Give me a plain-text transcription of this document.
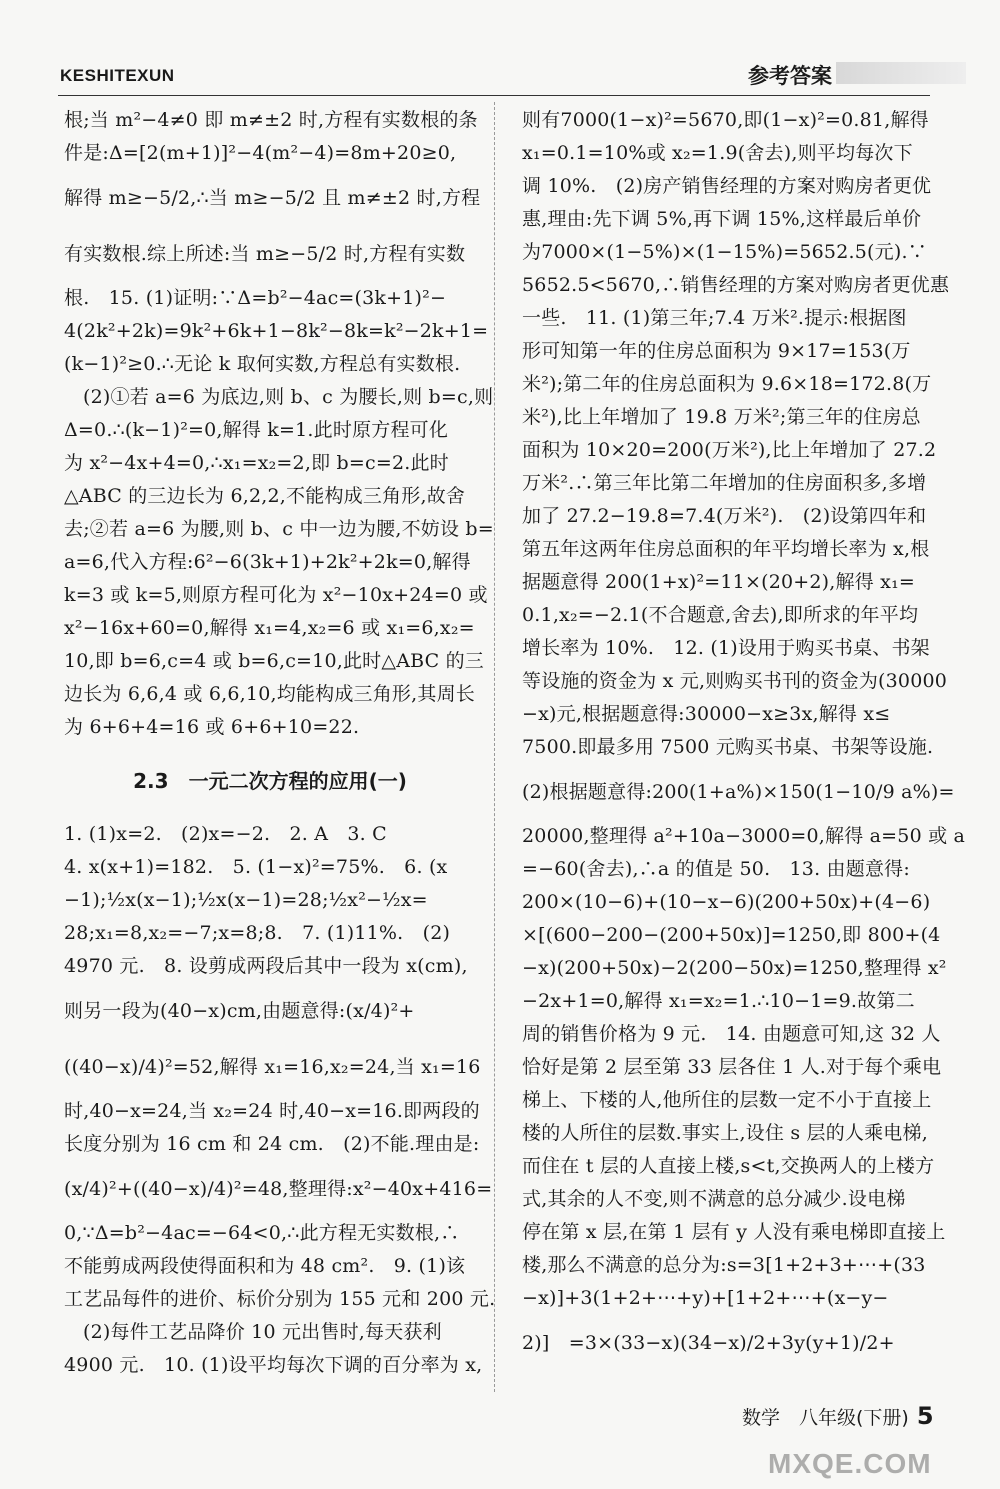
KESHITEXUN	参考答案
根;当 m²−4≠0 即 m≠±2 时,方程有实数根的条
件是:Δ=[2(m+1)]²−4(m²−4)=8m+20≥0,
解得 m≥−5/2,∴当 m≥−5/2 且 m≠±2 时,方程
有实数根.综上所述:当 m≥−5/2 时,方程有实数
根.　15. (1)证明:∵Δ=b²−4ac=(3k+1)²−
4(2k²+2k)=9k²+6k+1−8k²−8k=k²−2k+1=
(k−1)²≥0.∴无论 k 取何实数,方程总有实数根.
(2)①若 a=6 为底边,则 b、c 为腰长,则 b=c,则
Δ=0.∴(k−1)²=0,解得 k=1.此时原方程可化
为 x²−4x+4=0,∴x₁=x₂=2,即 b=c=2.此时
△ABC 的三边长为 6,2,2,不能构成三角形,故舍
去;②若 a=6 为腰,则 b、c 中一边为腰,不妨设 b=
a=6,代入方程:6²−6(3k+1)+2k²+2k=0,解得
k=3 或 k=5,则原方程可化为 x²−10x+24=0 或
x²−16x+60=0,解得 x₁=4,x₂=6 或 x₁=6,x₂=
10,即 b=6,c=4 或 b=6,c=10,此时△ABC 的三
边长为 6,6,4 或 6,6,10,均能构成三角形,其周长
为 6+6+4=16 或 6+6+10=22.
2.3　一元二次方程的应用(一)
1. (1)x=2.　(2)x=−2.　2. A　3. C
4. x(x+1)=182.　5. (1−x)²=75%.　6. (x
−1);½x(x−1);½x(x−1)=28;½x²−½x=
28;x₁=8,x₂=−7;x=8;8.　7. (1)11%.　(2)
4970 元.　8. 设剪成两段后其中一段为 x(cm),
则另一段为(40−x)cm,由题意得:(x/4)²+
((40−x)/4)²=52,解得 x₁=16,x₂=24,当 x₁=16
时,40−x=24,当 x₂=24 时,40−x=16.即两段的
长度分别为 16 cm 和 24 cm.　(2)不能.理由是:
(x/4)²+((40−x)/4)²=48,整理得:x²−40x+416=
0,∵Δ=b²−4ac=−64<0,∴此方程无实数根,∴
不能剪成两段使得面积和为 48 cm².　9. (1)该
工艺品每件的进价、标价分别为 155 元和 200 元.
(2)每件工艺品降价 10 元出售时,每天获利
4900 元.　10. (1)设平均每次下调的百分率为 x,
则有7000(1−x)²=5670,即(1−x)²=0.81,解得
x₁=0.1=10%或 x₂=1.9(舍去),则平均每次下
调 10%.　(2)房产销售经理的方案对购房者更优
惠,理由:先下调 5%,再下调 15%,这样最后单价
为7000×(1−5%)×(1−15%)=5652.5(元).∵
5652.5<5670,∴销售经理的方案对购房者更优惠
一些.　11. (1)第三年;7.4 万米².提示:根据图
形可知第一年的住房总面积为 9×17=153(万
米²);第二年的住房总面积为 9.6×18=172.8(万
米²),比上年增加了 19.8 万米²;第三年的住房总
面积为 10×20=200(万米²),比上年增加了 27.2
万米².∴第三年比第二年增加的住房面积多,多增
加了 27.2−19.8=7.4(万米²).　(2)设第四年和
第五年这两年住房总面积的年平均增长率为 x,根
据题意得 200(1+x)²=11×(20+2),解得 x₁=
0.1,x₂=−2.1(不合题意,舍去),即所求的年平均
增长率为 10%.　12. (1)设用于购买书桌、书架
等设施的资金为 x 元,则购买书刊的资金为(30000
−x)元,根据题意得:30000−x≥3x,解得 x≤
7500.即最多用 7500 元购买书桌、书架等设施.
(2)根据题意得:200(1+a%)×150(1−10/9 a%)=
20000,整理得 a²+10a−3000=0,解得 a=50 或 a
=−60(舍去),∴a 的值是 50.　13. 由题意得:
200×(10−6)+(10−x−6)(200+50x)+(4−6)
×[(600−200−(200+50x)]=1250,即 800+(4
−x)(200+50x)−2(200−50x)=1250,整理得 x²
−2x+1=0,解得 x₁=x₂=1.∴10−1=9.故第二
周的销售价格为 9 元.　14. 由题意可知,这 32 人
恰好是第 2 层至第 33 层各住 1 人.对于每个乘电
梯上、下楼的人,他所住的层数一定不小于直接上
楼的人所住的层数.事实上,设住 s 层的人乘电梯,
而住在 t 层的人直接上楼,s<t,交换两人的上楼方
式,其余的人不变,则不满意的总分减少.设电梯
停在第 x 层,在第 1 层有 y 人没有乘电梯即直接上
楼,那么不满意的总分为:s=3[1+2+3+⋯+(33
−x)]+3(1+2+⋯+y)+[1+2+⋯+(x−y−
2)]　=3×(33−x)(34−x)/2+3y(y+1)/2+
数学　八年级(下册) 5
MXQE.COM
